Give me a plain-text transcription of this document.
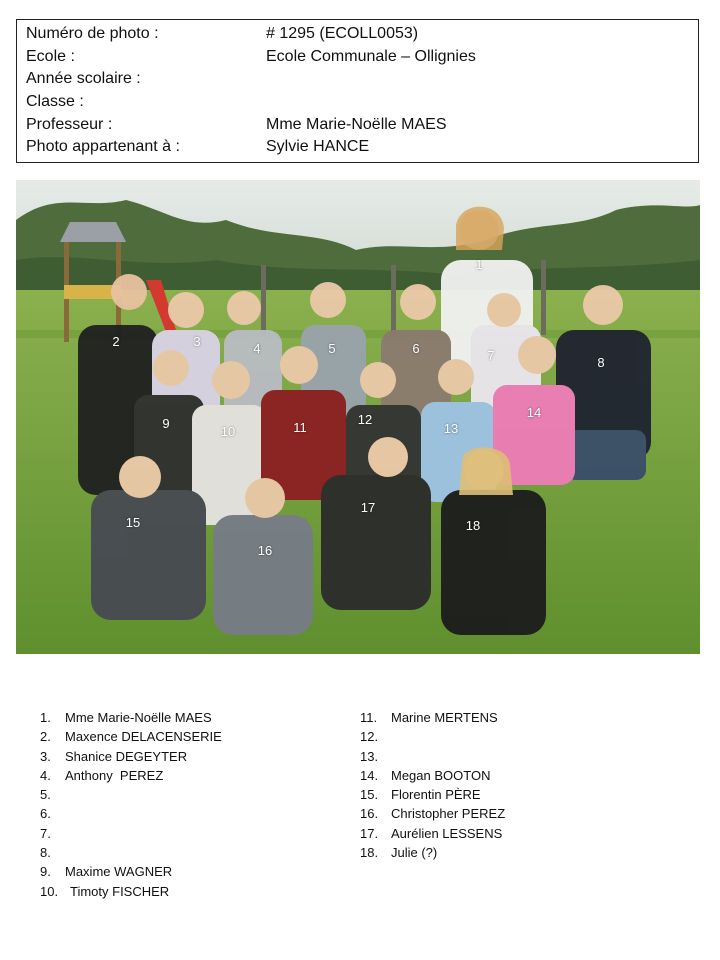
Numéro de photo :	# 1295 (ECOLL0053)
Ecole :	Ecole Communale – Ollignies
Année scolaire :
Classe :
Professeur :	Mme Marie-Noëlle MAES
Photo appartenant à :	Sylvie HANCE
1
2	3	4	5	6	7	8
9
10	11
12
13
14
15
16
17
18
1.	Mme Marie-Noëlle MAES
2.	Maxence DELACENSERIE
3.	Shanice DEGEYTER
4.	Anthony  PEREZ
5.
6.
7.
8.
9.	Maxime WAGNER
10. Timoty FISCHER
11.	Marine MERTENS
12.
13.
14. Megan BOOTON
15. Florentin PÈRE
16. Christopher PEREZ
17. Aurélien LESSENS
18. Julie (?)
